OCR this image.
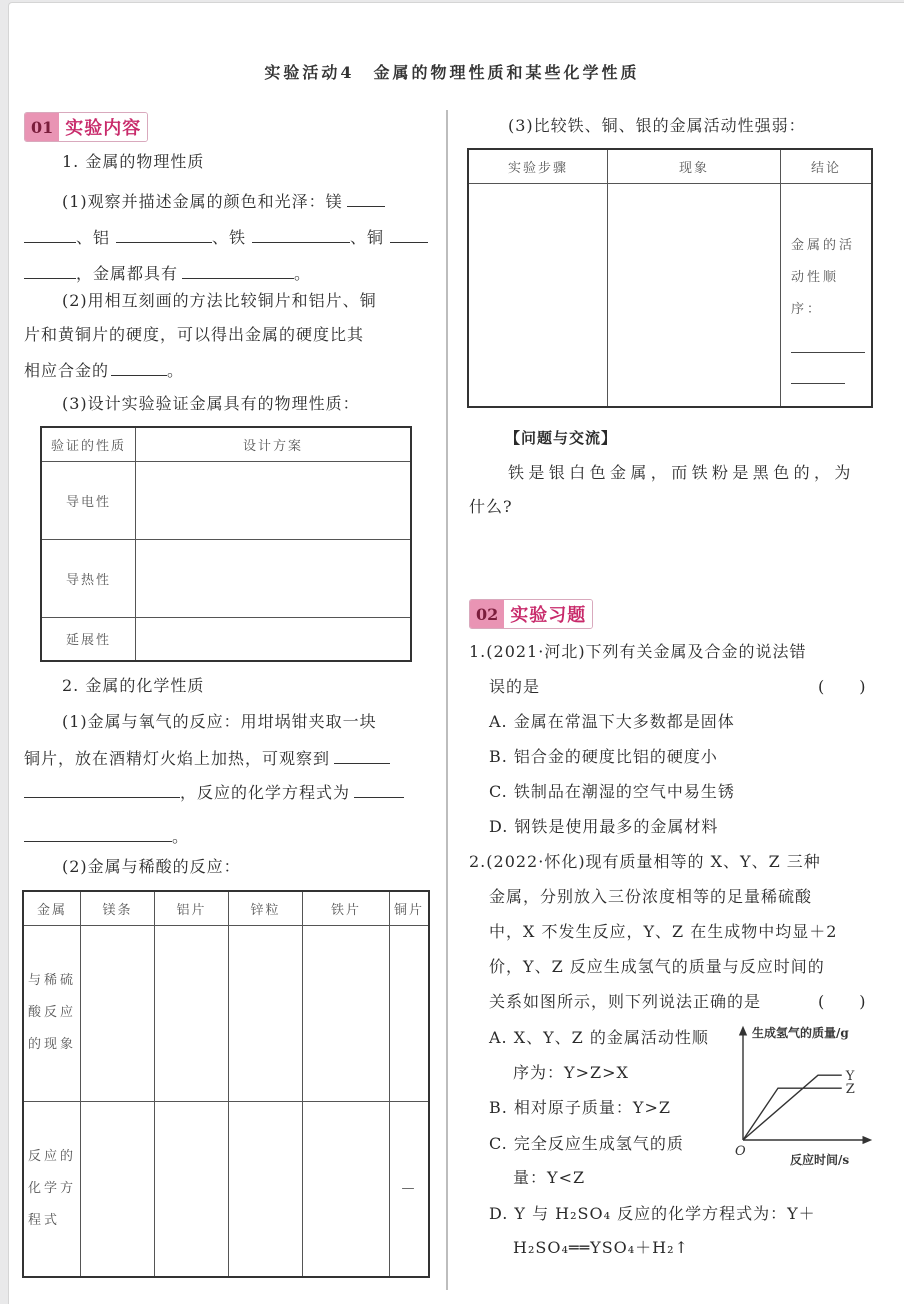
实验活动4　金属的物理性质和某些化学性质
01 实验内容
1. 金属的物理性质
(1)观察并描述金属的颜色和光泽：镁
、铝	、铁	、铜
，金属都具有	。
(2)用相互刻画的方法比较铜片和铝片、铜
片和黄铜片的硬度，可以得出金属的硬度比其
相应合金的	。
(3)设计实验验证金属具有的物理性质：
验证的性质	设计方案
导电性	
导热性	
延展性	
2. 金属的化学性质
(1)金属与氧气的反应：用坩埚钳夹取一块
铜片，放在酒精灯火焰上加热，可观察到
，反应的化学方程式为
。
(2)金属与稀酸的反应：
金属	镁条	铝片	锌粒	铁片	铜片

与稀硫
酸反应
的现象					

反应的
化学方
程式					—
(3)比较铁、铜、银的金属活动性强弱：
实验步骤	现象	结论

		金属的活
动性顺序：
【问题与交流】
铁是银白色金属，而铁粉是黑色的，为
什么?
02 实验习题
1.(2021·河北)下列有关金属及合金的说法错
误的是	(　　)
A. 金属在常温下大多数都是固体
B. 铝合金的硬度比铝的硬度小
C. 铁制品在潮湿的空气中易生锈
D. 钢铁是使用最多的金属材料
2.(2022·怀化)现有质量相等的 X、Y、Z 三种
金属，分别放入三份浓度相等的足量稀硫酸
中，X 不发生反应，Y、Z 在生成物中均显＋2
价，Y、Z 反应生成氢气的质量与反应时间的
关系如图所示，则下列说法正确的是	(　　)
A. X、Y、Z 的金属活动性顺
序为：Y>Z>X
B. 相对原子质量：Y>Z
C. 完全反应生成氢气的质
量：Y<Z
D. Y 与 H₂SO₄ 反应的化学方程式为：Y＋
H₂SO₄══YSO₄＋H₂↑
生成氢气的质量/g
反应时间/s
O
Y
Z
